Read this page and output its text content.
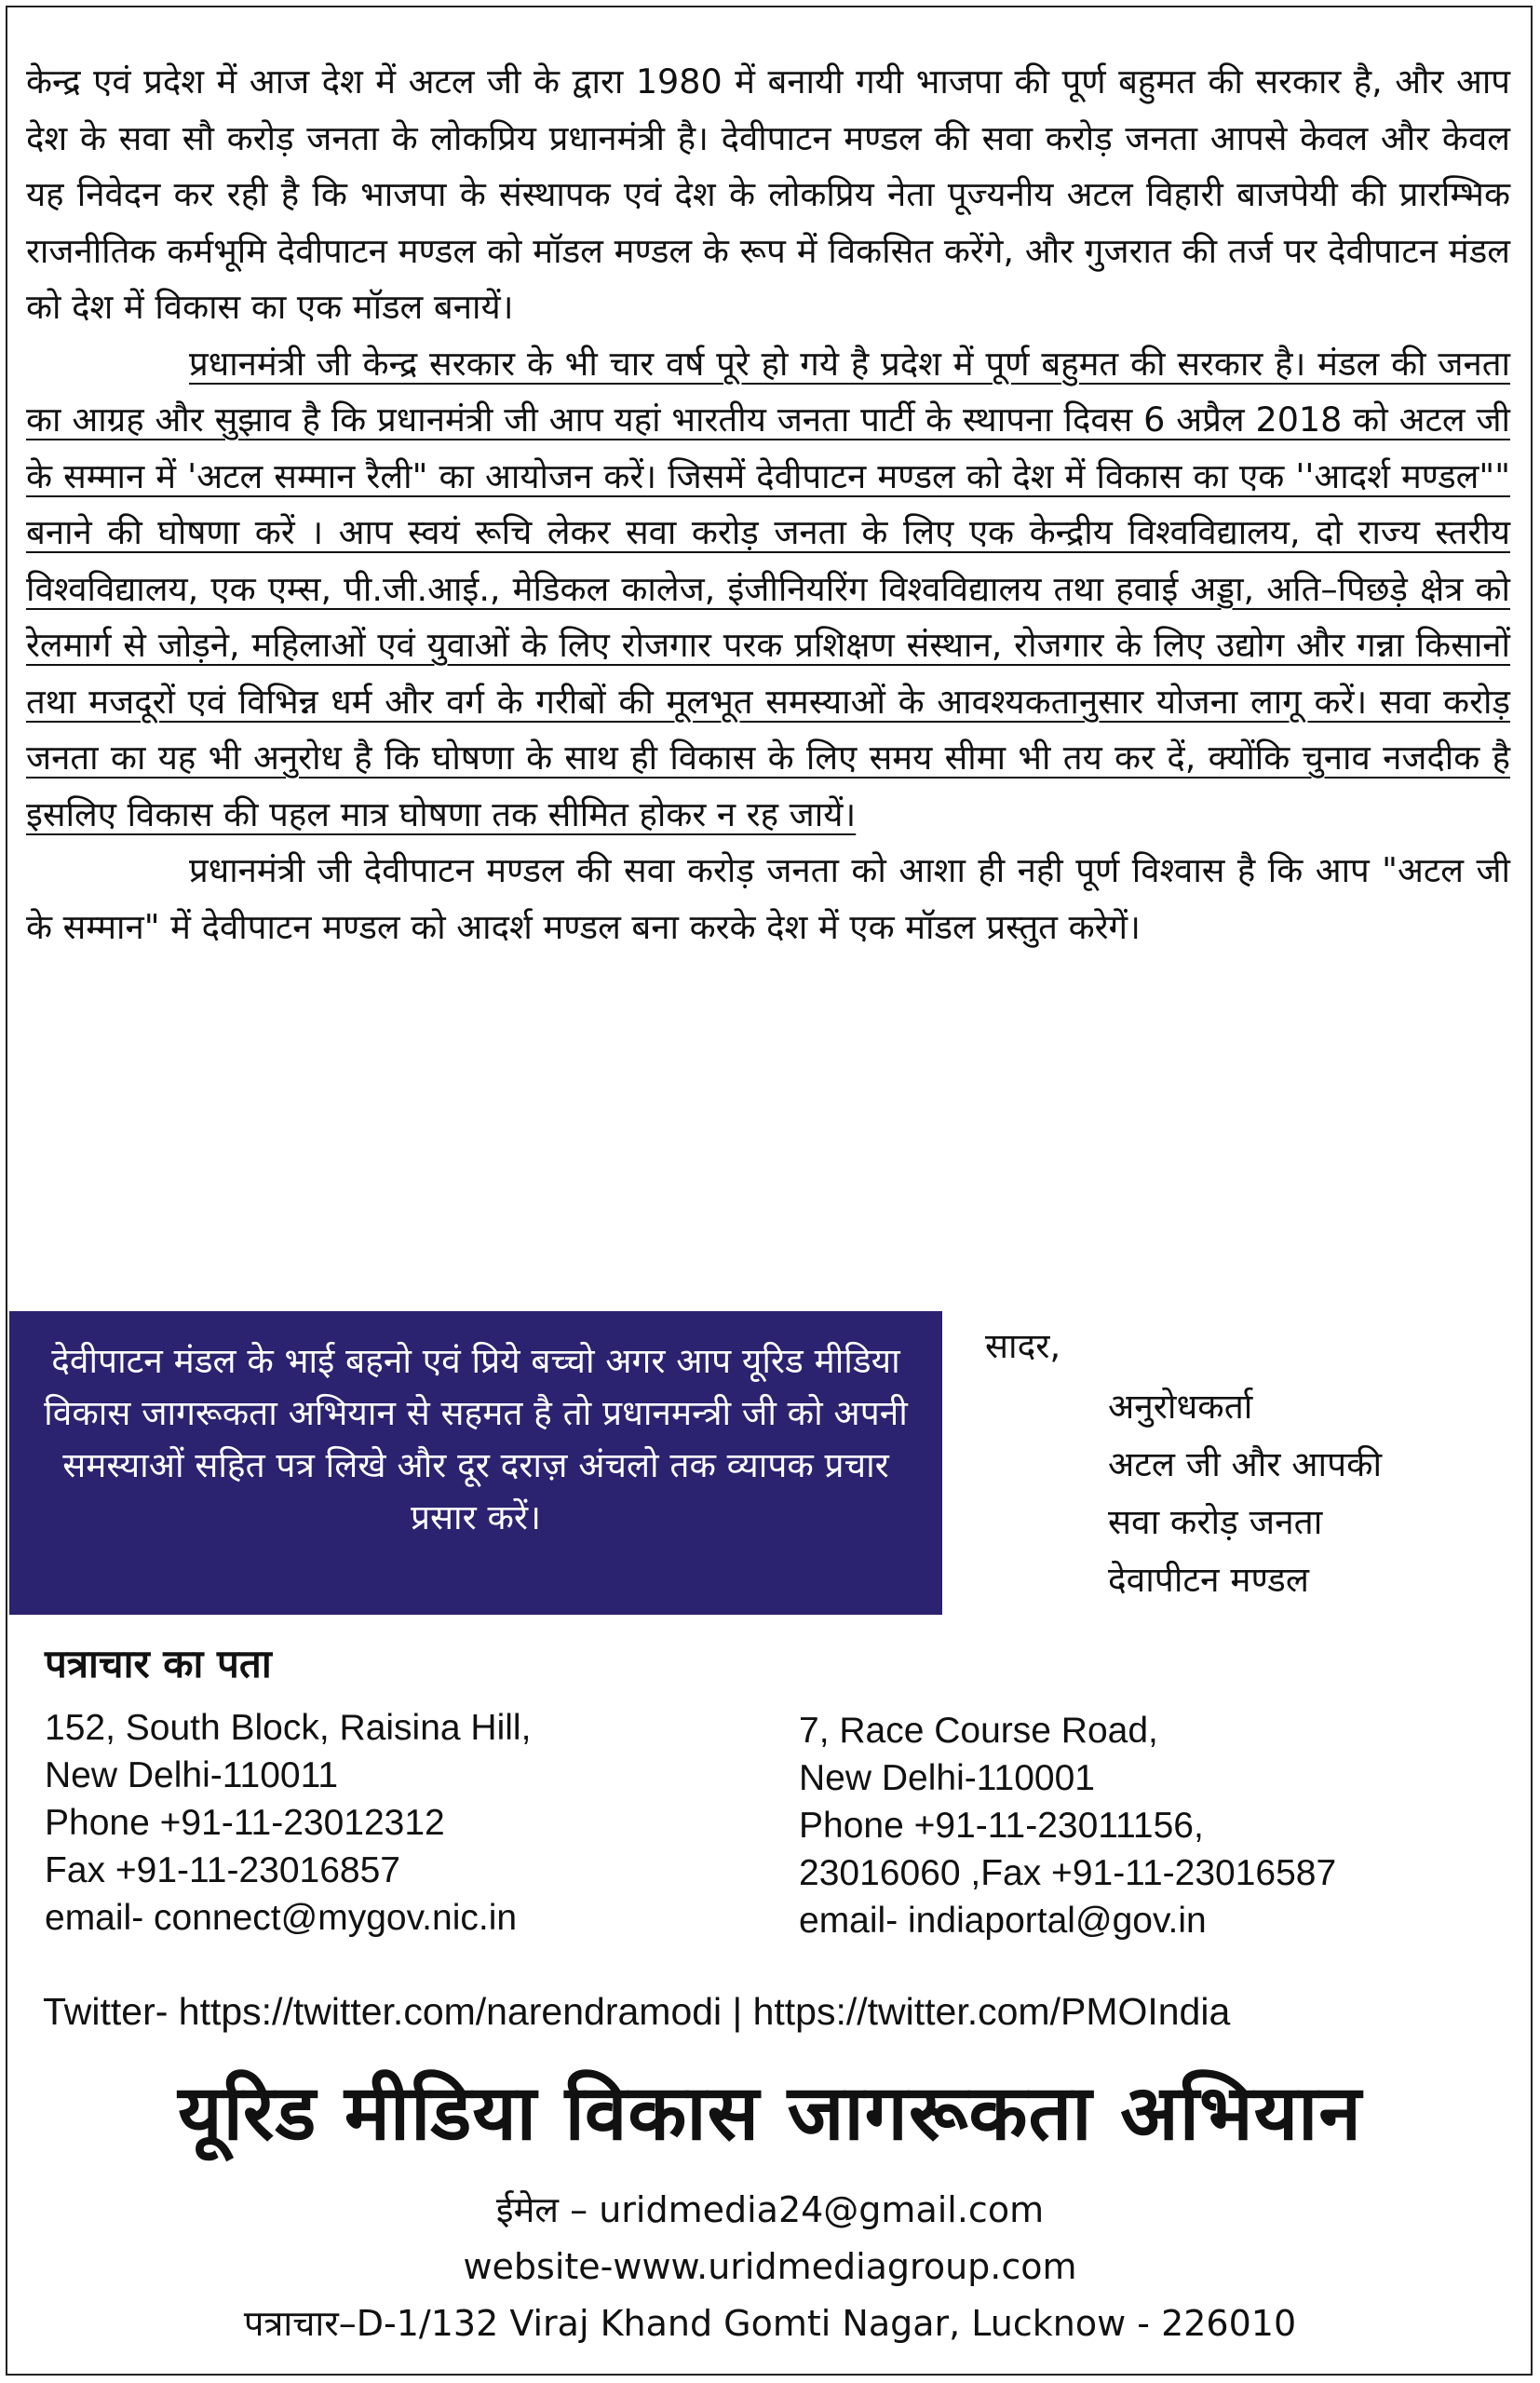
केन्द्र एवं प्रदेश में आज देश में अटल जी के द्वारा 1980 में बनायी गयी भाजपा की पूर्ण बहुमत की सरकार है, और आप देश के सवा सौ करोड़ जनता के लोकप्रिय प्रधानमंत्री है। देवीपाटन मण्डल की सवा करोड़ जनता आपसे केवल और केवल यह निवेदन कर रही है कि भाजपा के संस्थापक एवं देश के लोकप्रिय नेता पूज्यनीय अटल विहारी बाजपेयी की प्रारम्भिक राजनीतिक कर्मभूमि देवीपाटन मण्डल को मॉडल मण्डल के रूप में विकसित करेंगे, और गुजरात की तर्ज पर देवीपाटन मंडल को देश में विकास का एक मॉडल बनायें।

प्रधानमंत्री जी केन्द्र सरकार के भी चार वर्ष पूरे हो गये है प्रदेश में पूर्ण बहुमत की सरकार है। मंडल की जनता का आग्रह और सुझाव है कि प्रधानमंत्री जी आप यहां भारतीय जनता पार्टी के स्थापना दिवस 6 अप्रैल 2018 को अटल जी के सम्मान में 'अटल सम्मान रैली" का आयोजन करें। जिसमें देवीपाटन मण्डल को देश में विकास का एक ''आदर्श मण्डल"" बनाने की घोषणा करें । आप स्वयं रूचि लेकर सवा करोड़ जनता के लिए एक केन्द्रीय विश्वविद्यालय, दो राज्य स्तरीय विश्वविद्यालय, एक एम्स, पी.जी.आई., मेडिकल कालेज, इंजीनियरिंग विश्वविद्यालय तथा हवाई अड्डा, अति–पिछड़े क्षेत्र को रेलमार्ग से जोड़ने, महिलाओं एवं युवाओं के लिए रोजगार परक प्रशिक्षण संस्थान, रोजगार के लिए उद्योग और गन्ना किसानों तथा मजदूरों एवं विभिन्न धर्म और वर्ग के गरीबों की मूलभूत समस्याओं के आवश्यकतानुसार योजना लागू करें। सवा करोड़ जनता का यह भी अनुरोध है कि घोषणा के साथ ही विकास के लिए समय सीमा भी तय कर दें, क्योंकि चुनाव नजदीक है इसलिए विकास की पहल मात्र घोषणा तक सीमित होकर न रह जायें।

प्रधानमंत्री जी देवीपाटन मण्डल की सवा करोड़ जनता को आशा ही नही पूर्ण विश्वास है कि आप "अटल जी के सम्मान" में देवीपाटन मण्डल को आदर्श मण्डल बना करके देश में एक मॉडल प्रस्तुत करेगें।

देवीपाटन मंडल के भाई बहनो एवं प्रिये बच्चो अगर आप यूरिड मीडिया विकास जागरूकता अभियान से सहमत है तो प्रधानमन्त्री जी को अपनी समस्याओं सहित पत्र लिखे और दूर दराज़ अंचलो तक व्यापक प्रचार प्रसार करें।
सादर,
अनुरोधकर्ता
अटल जी और आपकी
सवा करोड़ जनता
देवापीटन मण्डल
पत्राचार का पता
152, South Block, Raisina Hill,
New Delhi-110011
Phone +91-11-23012312
Fax +91-11-23016857
email- connect@mygov.nic.in
7, Race Course Road,
New Delhi-110001
Phone +91-11-23011156,
23016060 ,Fax +91-11-23016587
email- indiaportal@gov.in
Twitter- https://twitter.com/narendramodi | https://twitter.com/PMOIndia
यूरिड मीडिया विकास जागरूकता अभियान
ईमेल – uridmedia24@gmail.com
website-www.uridmediagroup.com
पत्राचार–D-1/132 Viraj Khand Gomti Nagar, Lucknow - 226010
